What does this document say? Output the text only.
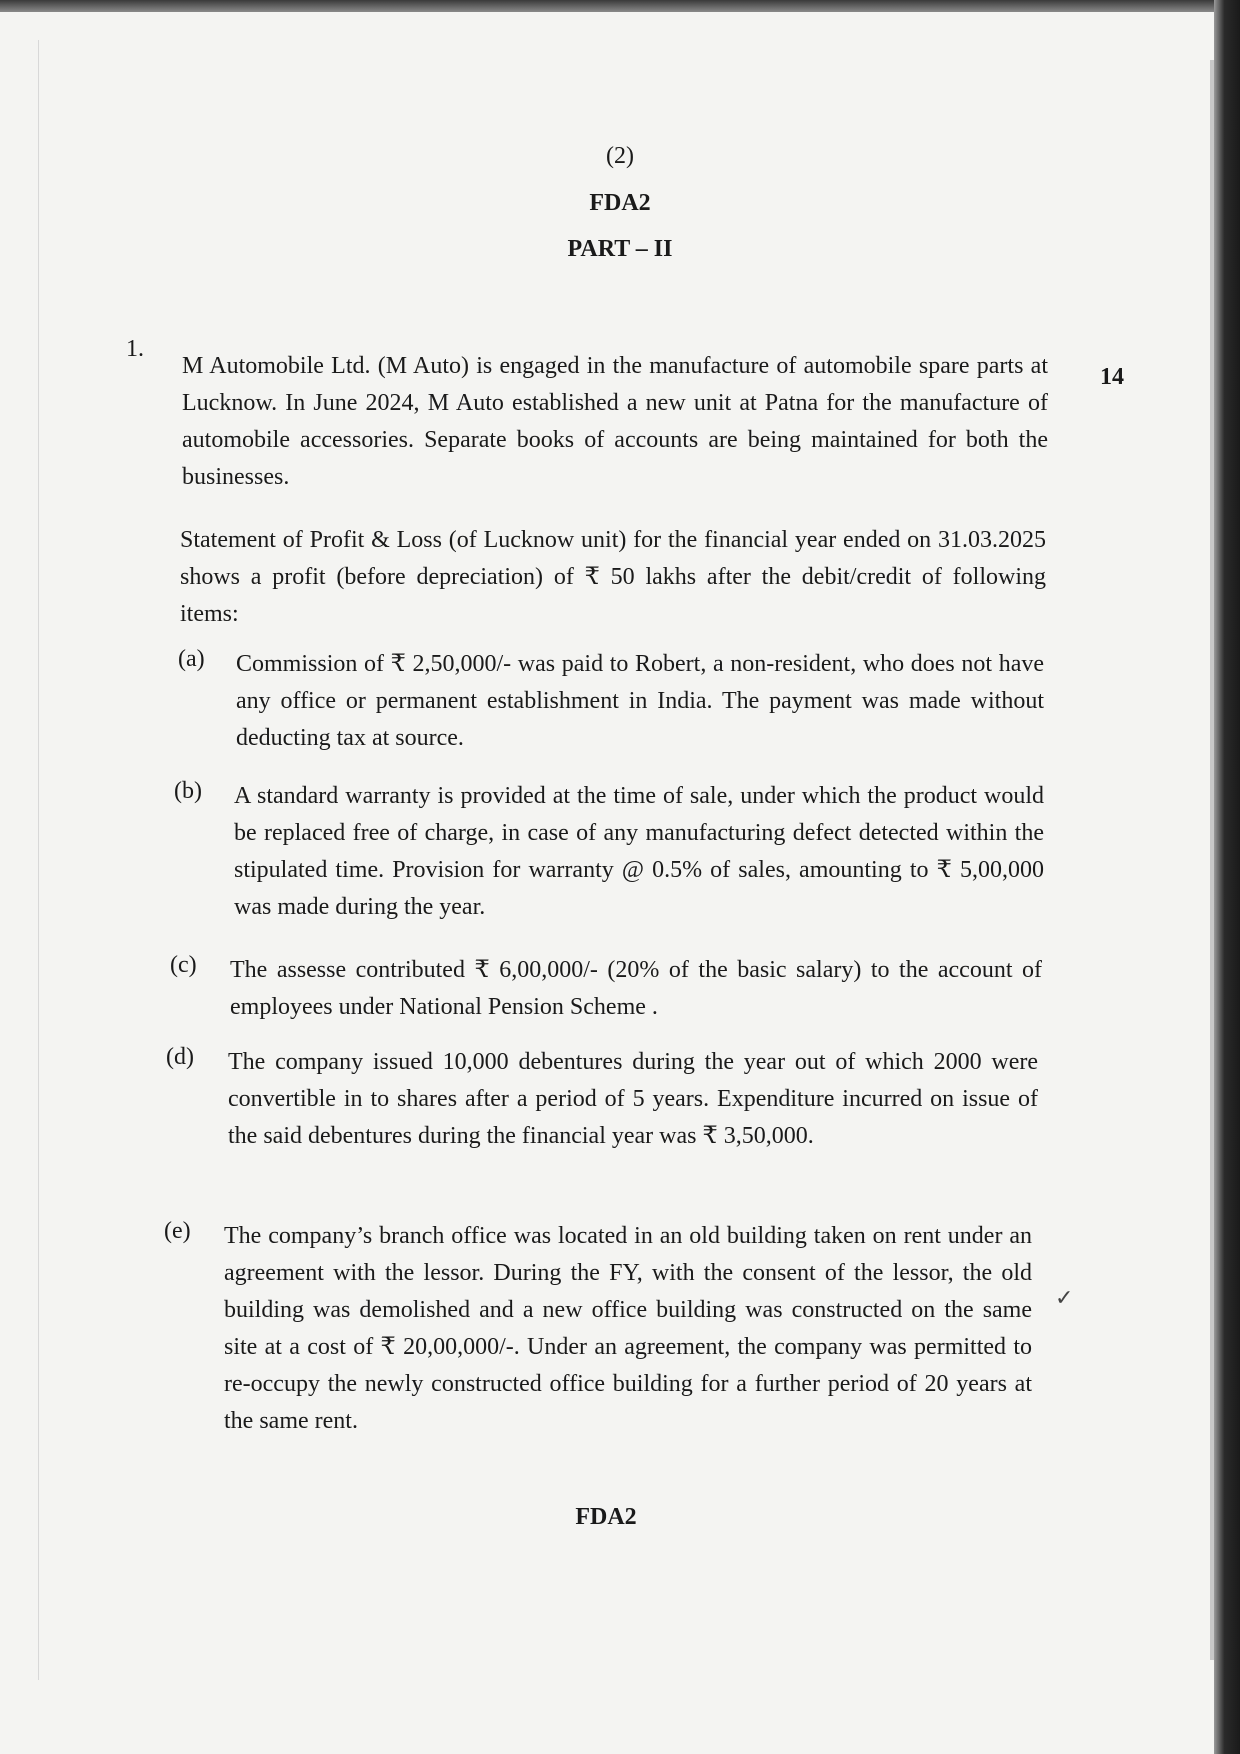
(2)
FDA2
PART – II
1.
14
M Automobile Ltd. (M Auto) is engaged in the manufacture of automobile spare parts at Lucknow. In June 2024, M Auto established a new unit at Patna for the manufacture of automobile accessories. Separate books of accounts are being maintained for both the businesses.
Statement of Profit & Loss (of Lucknow unit) for the financial year ended on 31.03.2025 shows a profit (before depreciation) of ₹ 50 lakhs after the debit/credit of following items:
(a) Commission of ₹ 2,50,000/- was paid to Robert, a non-resident, who does not have any office or permanent establishment in India. The payment was made without deducting tax at source.
(b) A standard warranty is provided at the time of sale, under which the product would be replaced free of charge, in case of any manufacturing defect detected within the stipulated time. Provision for warranty @ 0.5% of sales, amounting to ₹ 5,00,000 was made during the year.
(c) The assesse contributed ₹ 6,00,000/- (20% of the basic salary) to the account of employees under National Pension Scheme .
(d) The company issued 10,000 debentures during the year out of which 2000 were convertible in to shares after a period of 5 years. Expenditure incurred on issue of the said debentures during the financial year was ₹ 3,50,000.
(e) The company’s branch office was located in an old building taken on rent under an agreement with the lessor. During the FY, with the consent of the lessor, the old building was demolished and a new office building was constructed on the same site at a cost of ₹ 20,00,000/-. Under an agreement, the company was permitted to re-occupy the newly constructed office building for a further period of 20 years at the same rent.
✓
FDA2
